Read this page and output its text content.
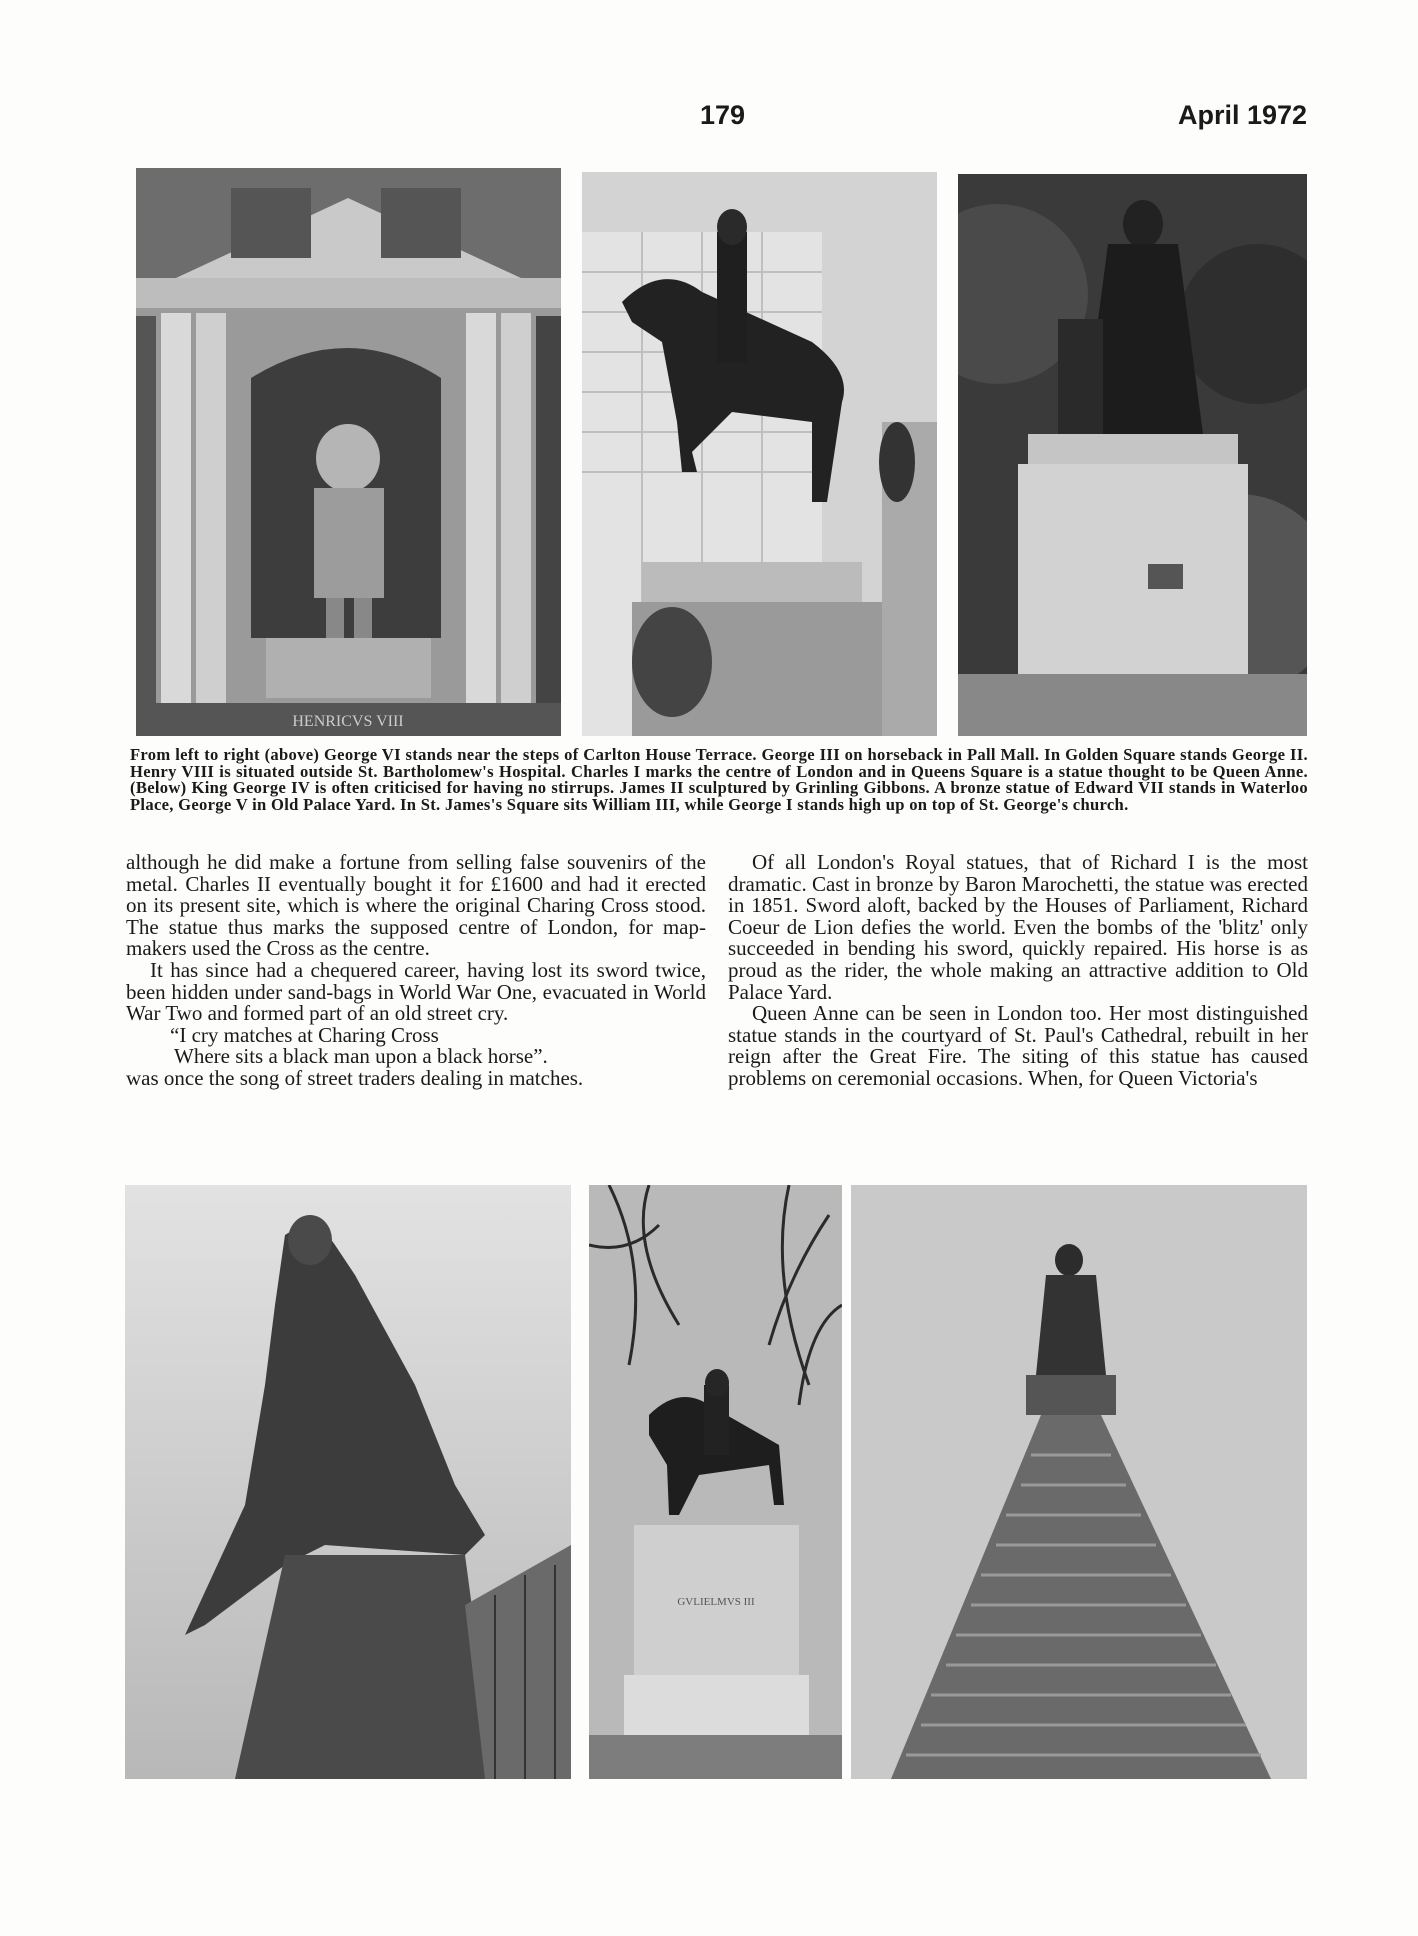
179	April 1972
HENRICVS VIII
From left to right (above) George VI stands near the steps of Carlton House Terrace. George III on horseback in Pall Mall. In Golden Square stands George II. Henry VIII is situated outside St. Bartholomew's Hospital. Charles I marks the centre of London and in Queens Square is a statue thought to be Queen Anne. (Below) King George IV is often criticised for having no stirrups. James II sculptured by Grinling Gibbons. A bronze statue of Edward VII stands in Waterloo Place, George V in Old Palace Yard. In St. James's Square sits William III, while George I stands high up on top of St. George's church.

although he did make a fortune from selling false souvenirs of the metal. Charles II eventually bought it for £1600 and had it erected on its present site, which is where the original Charing Cross stood. The statue thus marks the supposed centre of London, for map-makers used the Cross as the centre.

It has since had a chequered career, having lost its sword twice, been hidden under sand-bags in World War One, evacuated in World War Two and formed part of an old street cry.

“I cry matches at Charing Cross

Where sits a black man upon a black horse”.

was once the song of street traders dealing in matches.

Of all London's Royal statues, that of Richard I is the most dramatic. Cast in bronze by Baron Marochetti, the statue was erected in 1851. Sword aloft, backed by the Houses of Parliament, Richard Coeur de Lion defies the world. Even the bombs of the 'blitz' only succeeded in bending his sword, quickly repaired. His horse is as proud as the rider, the whole making an attractive addition to Old Palace Yard.

Queen Anne can be seen in London too. Her most distinguished statue stands in the courtyard of St. Paul's Cathedral, rebuilt in her reign after the Great Fire. The siting of this statue has caused problems on ceremonial occasions. When, for Queen Victoria's

GVLIELMVS III
